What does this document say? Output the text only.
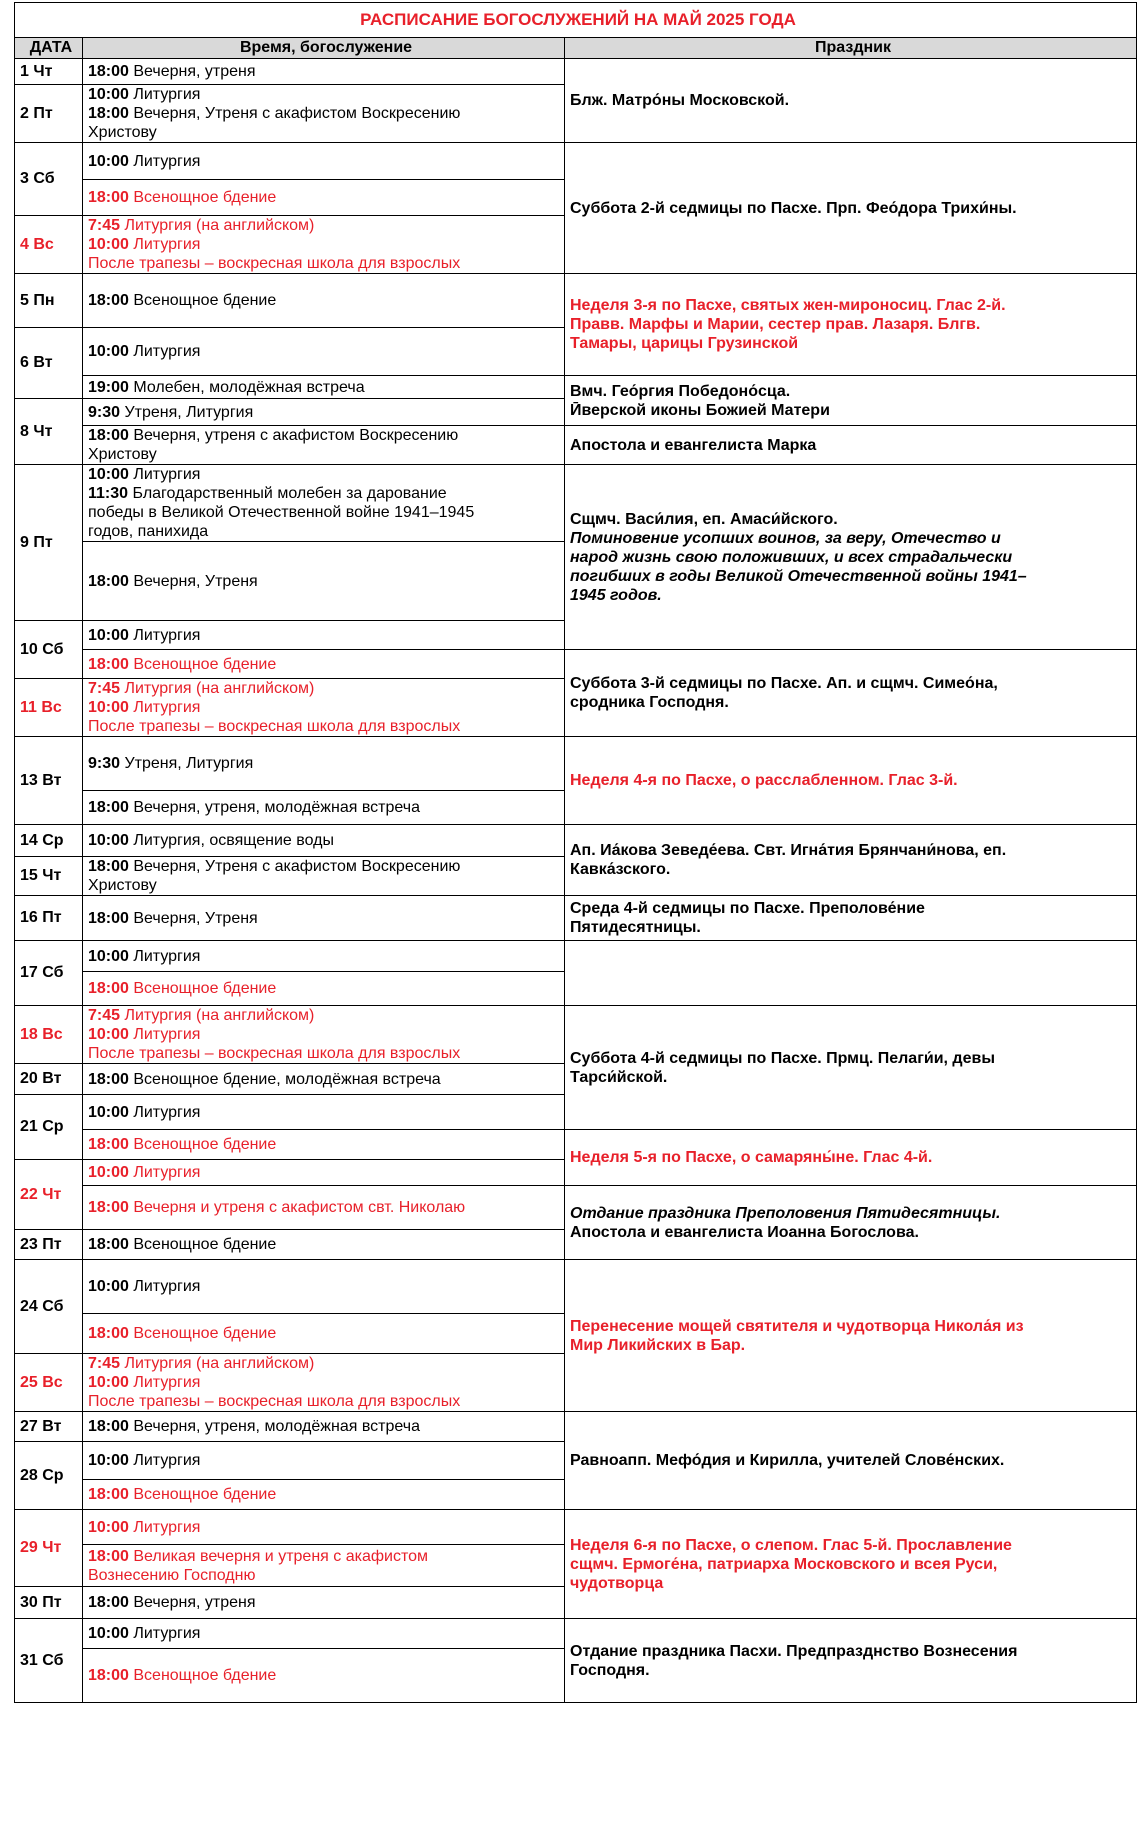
РАСПИСАНИЕ БОГОСЛУЖЕНИЙ НА МАЙ 2025 ГОДА		
ДАТА	Время, богослужение	Праздник
1 Чт	18:00 Вечерня, утреня	Блж. Матро́ны Московской.

2 Пт	10:00 Литургия
18:00 Вечерня, Утреня с акафистом Воскресению
Христову	

3 Сб	10:00 Литургия	Суббота 2-й седмицы по Пасхе. Прп. Фео́дора Трихи́ны.

	18:00 Всенощное бдение	

4 Вс	7:45 Литургия (на английском)
10:00 Литургия
После трапезы – воскресная школа для взрослых	

5 Пн	18:00 Всенощное бдение	Неделя 3-я по Пасхе, святых жен-мироносиц. Глас 2-й.
Правв. Марфы и Марии, сестер прав. Лазаря. Блгв.
Тамары, царицы Грузинской

6 Вт	10:00 Литургия	

	19:00 Молебен, молодёжная встреча	Вмч. Гео́ргия Победоно́сца.
Ӣверской иконы Божией Матери

8 Чт	9:30 Утреня, Литургия	

	18:00 Вечерня, утреня с акафистом Воскресению
Христову	Апостола и евангелиста Марка

9 Пт	10:00 Литургия
11:30 Благодарственный молебен за дарование
победы в Великой Отечественной войне 1941–1945
годов, панихида	Сщмч. Васи́лия, еп. Амаси́йского.
Поминовение усопших воинов, за веру, Отечество и
народ жизнь свою положивших, и всех страдальчески
погибших в годы Великой Отечественной войны 1941–
1945 годов.

	18:00 Вечерня, Утреня	

10 Сб	10:00 Литургия	

	18:00 Всенощное бдение	Суббота 3-й седмицы по Пасхе. Ап. и сщмч. Симео́на,
сродника Господня.

11 Вс	7:45 Литургия (на английском)
10:00 Литургия
После трапезы – воскресная школа для взрослых	

13 Вт	9:30 Утреня, Литургия	Неделя 4-я по Пасхе, о расслабленном. Глас 3-й.

	18:00 Вечерня, утреня, молодёжная встреча	

14 Ср	10:00 Литургия, освящение воды	Ап. Иа́кова Зеведе́ева. Свт. Игна́тия Брянчани́нова, еп.
Кавка́зского.

15 Чт	18:00 Вечерня, Утреня с акафистом Воскресению
Христову	

16 Пт	18:00 Вечерня, Утреня	Среда 4-й седмицы по Пасхе. Преполове́ние
Пятидесятницы.

17 Сб	10:00 Литургия	

	18:00 Всенощное бдение	

18 Вс	7:45 Литургия (на английском)
10:00 Литургия
После трапезы – воскресная школа для взрослых	Суббота 4-й седмицы по Пасхе. Прмц. Пелаги́и, девы
Тарси́йской.

20 Вт	18:00 Всенощное бдение, молодёжная встреча	

21 Ср	10:00 Литургия	

	18:00 Всенощное бдение	Неделя 5-я по Пасхе, о самаряны́не. Глас 4-й.

22 Чт	10:00 Литургия	

	18:00 Вечерня и утреня с акафистом свт. Николаю	Отдание праздника Преполовения Пятидесятницы.
Апостола и евангелиста Иоанна Богослова.

23 Пт	18:00 Всенощное бдение	

24 Сб	10:00 Литургия	Перенесение мощей святителя и чудотворца Никола́я из
Мир Ликийских в Бар.

	18:00 Всенощное бдение	

25 Вс	7:45 Литургия (на английском)
10:00 Литургия
После трапезы – воскресная школа для взрослых	

27 Вт	18:00 Вечерня, утреня, молодёжная встреча	Равноапп. Мефо́дия и Кирилла, учителей Слове́нских.

28 Ср	10:00 Литургия	

	18:00 Всенощное бдение	

29 Чт	10:00 Литургия	Неделя 6-я по Пасхе, о слепом. Глас 5-й. Прославление
сщмч. Ермоге́на, патриарха Московского и всея Руси,
чудотворца

	18:00 Великая вечерня и утреня с акафистом
Вознесению Господню	

30 Пт	18:00 Вечерня, утреня	

31 Сб	10:00 Литургия	Отдание праздника Пасхи. Предпразднство Вознесения
Господня.

	18:00 Всенощное бдение	
